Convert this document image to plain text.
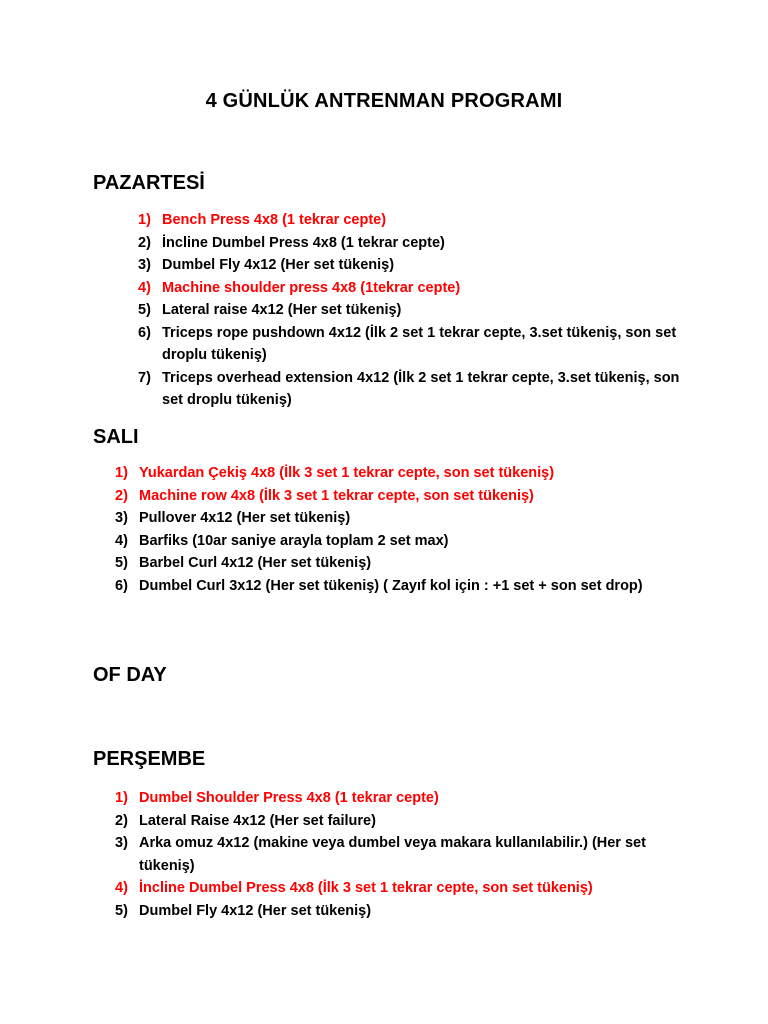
4 GÜNLÜK ANTRENMAN PROGRAMI
PAZARTESİ
1) Bench Press 4x8 (1 tekrar cepte)
2) İncline Dumbel Press 4x8 (1 tekrar cepte)
3) Dumbel Fly 4x12 (Her set tükeniş)
4) Machine shoulder press 4x8 (1tekrar cepte)
5) Lateral raise 4x12 (Her set tükeniş)
6) Triceps rope pushdown 4x12 (İlk 2 set 1 tekrar cepte, 3.set tükeniş, son set droplu tükeniş)
7) Triceps overhead extension 4x12 (İlk 2 set 1 tekrar cepte, 3.set tükeniş, son set droplu tükeniş)
SALI
1) Yukardan Çekiş 4x8 (İlk 3 set 1 tekrar cepte, son set tükeniş)
2) Machine row 4x8 (İlk 3 set 1 tekrar cepte, son set tükeniş)
3) Pullover 4x12 (Her set tükeniş)
4) Barfiks (10ar saniye arayla toplam 2 set max)
5) Barbel Curl 4x12 (Her set tükeniş)
6) Dumbel Curl 3x12 (Her set tükeniş) ( Zayıf kol için : +1 set + son set drop)
OF DAY
PERŞEMBE
1) Dumbel Shoulder Press 4x8 (1 tekrar cepte)
2) Lateral Raise 4x12 (Her set failure)
3) Arka omuz 4x12 (makine veya dumbel veya makara kullanılabilir.) (Her set tükeniş)
4) İncline Dumbel Press 4x8 (İlk 3 set 1 tekrar cepte, son set tükeniş)
5) Dumbel Fly 4x12 (Her set tükeniş)
